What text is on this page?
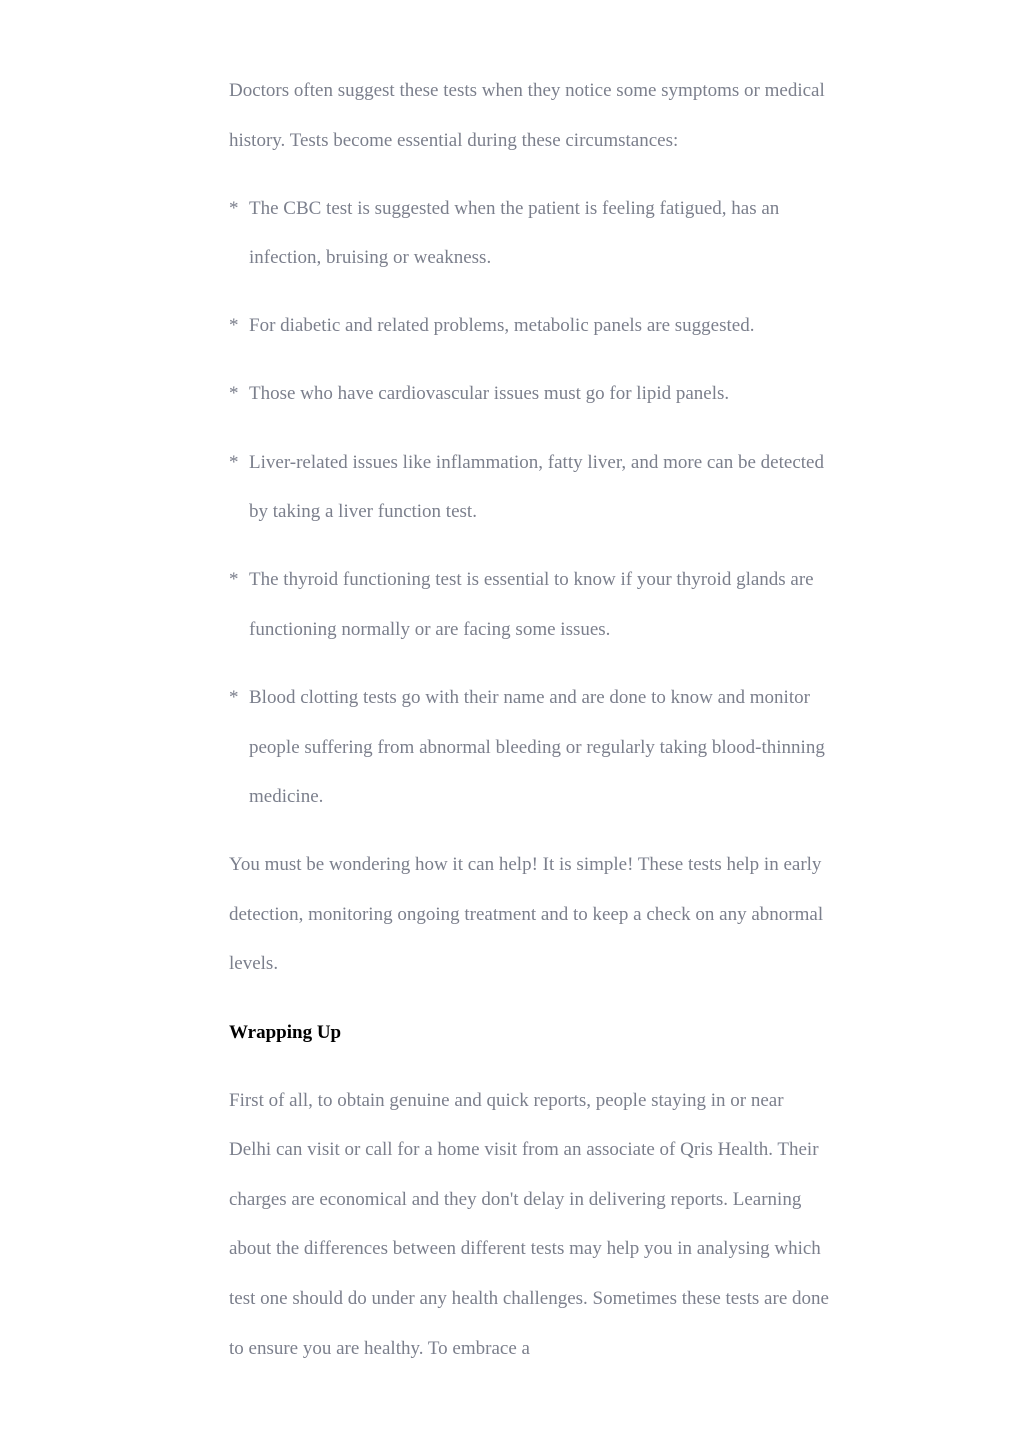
Doctors often suggest these tests when they notice some symptoms or medical history. Tests become essential during these circumstances:

* The CBC test is suggested when the patient is feeling fatigued, has an infection, bruising or weakness.
* For diabetic and related problems, metabolic panels are suggested.
* Those who have cardiovascular issues must go for lipid panels.
* Liver-related issues like inflammation, fatty liver, and more can be detected by taking a liver function test.
* The thyroid functioning test is essential to know if your thyroid glands are functioning normally or are facing some issues.
* Blood clotting tests go with their name and are done to know and monitor people suffering from abnormal bleeding or regularly taking blood-thinning medicine.

You must be wondering how it can help! It is simple! These tests help in early detection, monitoring ongoing treatment and to keep a check on any abnormal levels.

Wrapping Up

First of all, to obtain genuine and quick reports, people staying in or near Delhi can visit or call for a home visit from an associate of Qris Health. Their charges are economical and they don't delay in delivering reports. Learning about the differences between different tests may help you in analysing which test one should do under any health challenges. Sometimes these tests are done to ensure you are healthy. To embrace a
